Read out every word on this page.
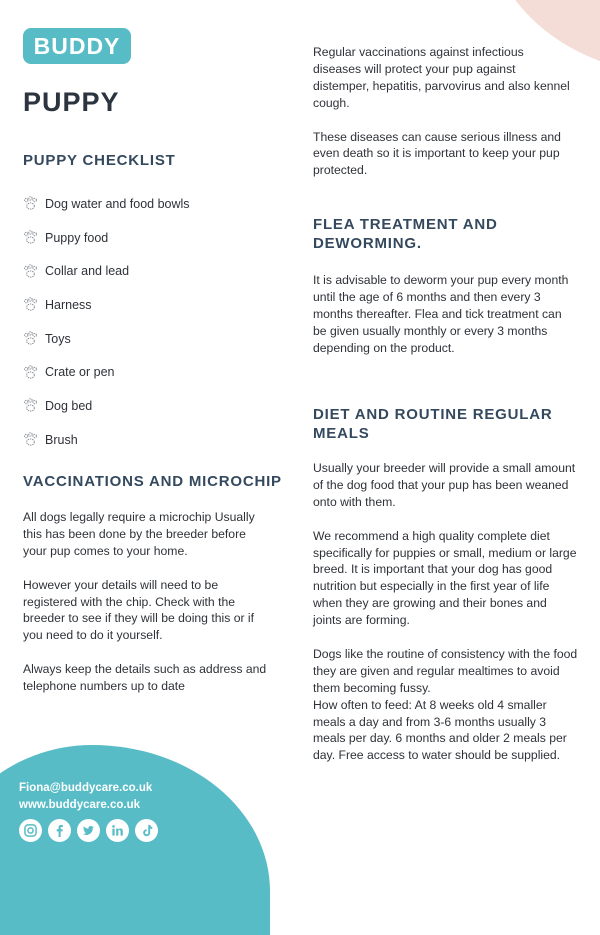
BUDDY
PUPPY
PUPPY CHECKLIST
Dog water and food bowls
Puppy food
Collar and lead
Harness
Toys
Crate or pen
Dog bed
Brush
VACCINATIONS AND MICROCHIP

All dogs legally require a microchip Usually this has been done by the breeder before your pup comes to your home.

However your details will need to be registered with the chip. Check with the breeder to see if they will be doing this or if you need to do it yourself.

Always keep the details such as address and telephone numbers up to date

Regular vaccinations against infectious diseases will protect your pup against distemper, hepatitis, parvovirus and also kennel cough.

These diseases can cause serious illness and even death so it is important to keep your pup protected.

FLEA TREATMENT AND DEWORMING.

It is advisable to deworm your pup every month until the age of 6 months and then every 3 months thereafter. Flea and tick treatment can be given usually monthly or every 3 months depending on the product.

DIET AND ROUTINE REGULAR MEALS

Usually your breeder will provide a small amount of the dog food that your pup has been weaned onto with them.

We recommend a high quality complete diet specifically for puppies or small, medium or large breed. It is important that your dog has good nutrition but especially in the first year of life when they are growing and their bones and joints are forming.

Dogs like the routine of consistency with the food they are given and regular mealtimes to avoid them becoming fussy.

How often to feed: At 8 weeks old 4 smaller meals a day and from 3-6 months usually 3 meals per day. 6 months and older 2 meals per day. Free access to water should be supplied.

Fiona@buddycare.co.uk
www.buddycare.co.uk
